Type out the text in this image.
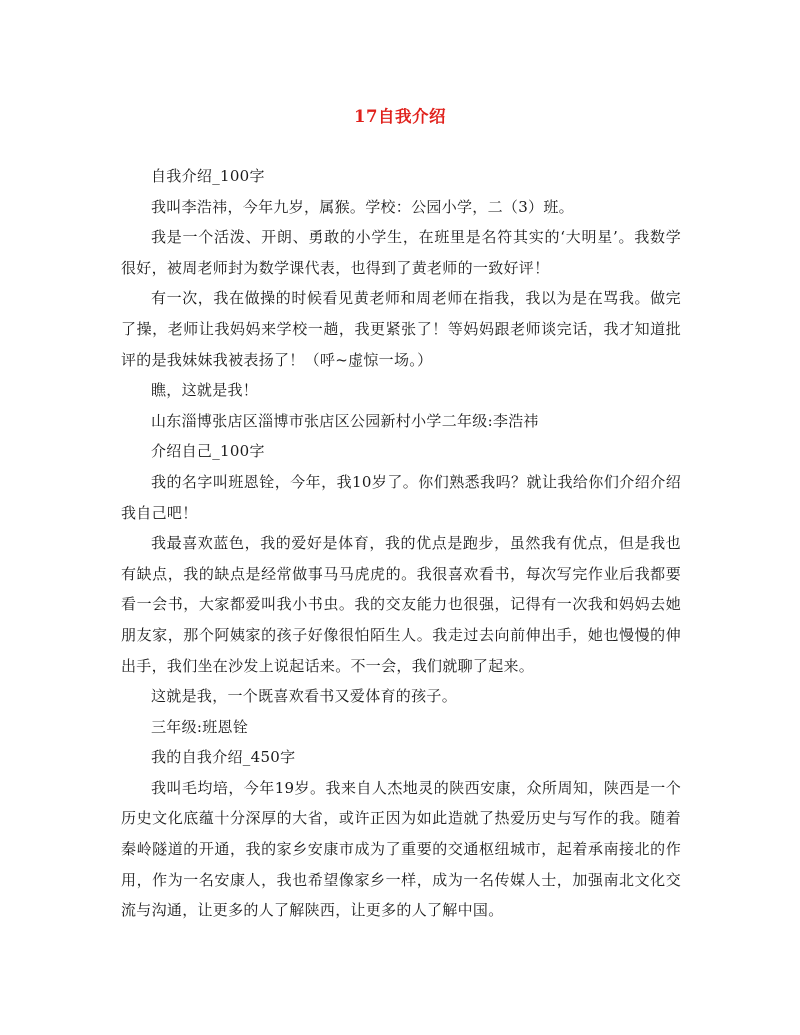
17自我介绍

自我介绍_100字

我叫李浩祎，今年九岁，属猴。学校：公园小学，二（3）班。

我是一个活泼、开朗、勇敢的小学生，在班里是名符其实的‘大明星’。我数学很好，被周老师封为数学课代表，也得到了黄老师的一致好评！

有一次，我在做操的时候看见黄老师和周老师在指我，我以为是在骂我。做完了操，老师让我妈妈来学校一趟，我更紧张了！等妈妈跟老师谈完话，我才知道批评的是我妹妹我被表扬了！（呼~虚惊一场。）

瞧，这就是我！

山东淄博张店区淄博市张店区公园新村小学二年级:李浩祎

介绍自己_100字

我的名字叫班恩铨，今年，我10岁了。你们熟悉我吗？就让我给你们介绍介绍我自己吧！

我最喜欢蓝色，我的爱好是体育，我的优点是跑步，虽然我有优点，但是我也有缺点，我的缺点是经常做事马马虎虎的。我很喜欢看书，每次写完作业后我都要看一会书，大家都爱叫我小书虫。我的交友能力也很强，记得有一次我和妈妈去她朋友家，那个阿姨家的孩子好像很怕陌生人。我走过去向前伸出手，她也慢慢的伸出手，我们坐在沙发上说起话来。不一会，我们就聊了起来。

这就是我，一个既喜欢看书又爱体育的孩子。

三年级:班恩铨

我的自我介绍_450字

我叫毛均培，今年19岁。我来自人杰地灵的陕西安康，众所周知，陕西是一个历史文化底蕴十分深厚的大省，或许正因为如此造就了热爱历史与写作的我。随着秦岭隧道的开通，我的家乡安康市成为了重要的交通枢纽城市，起着承南接北的作用，作为一名安康人，我也希望像家乡一样，成为一名传媒人士，加强南北文化交流与沟通，让更多的人了解陕西，让更多的人了解中国。
